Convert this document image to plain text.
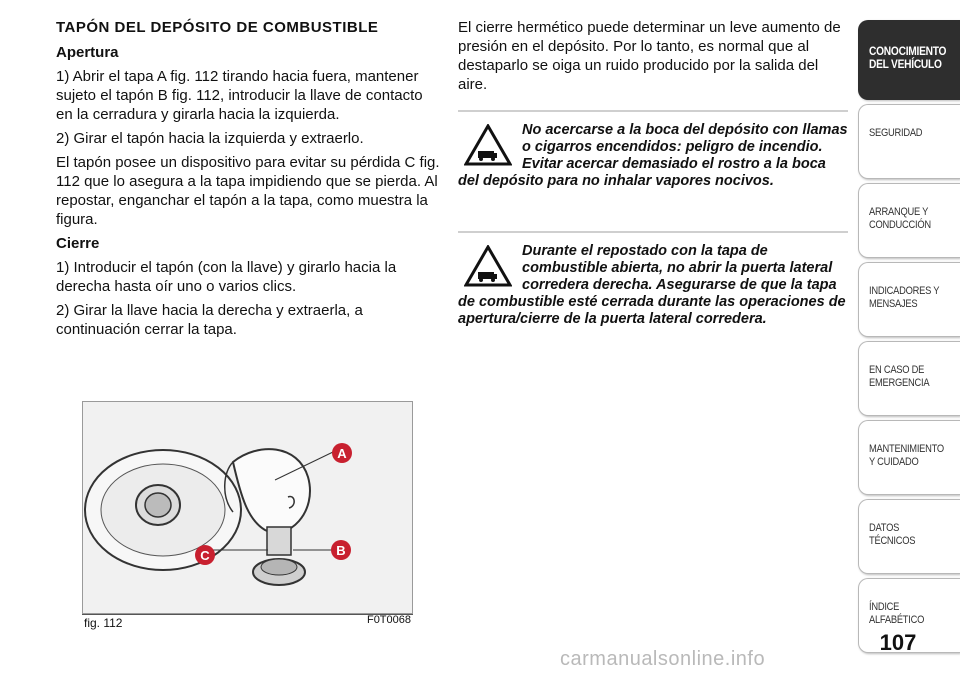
TAPÓN DEL DEPÓSITO DE COMBUSTIBLE

Apertura

1) Abrir el tapa A fig. 112 tirando hacia fuera, mantener sujeto el tapón B fig. 112, introducir la llave de contacto en la cerradura y girarla hacia la izquierda.

2) Girar el tapón hacia la izquierda y extraerlo.

El tapón posee un dispositivo para evitar su pérdida C fig. 112 que lo asegura a la tapa impidiendo que se pierda. Al repostar, enganchar el tapón a la tapa, como muestra la figura.

Cierre

1) Introducir el tapón (con la llave) y girarlo hacia la derecha hasta oír uno o varios clics.

2) Girar la llave hacia la derecha y extraerla, a continuación cerrar la tapa.

El cierre hermético puede determinar un leve aumento de presión en el depósito. Por lo tanto, es normal que al destaparlo se oiga un ruido producido por la salida del aire.

No acercarse a la boca del depósito con llamas o cigarros encendidos: peligro de incendio. Evitar acercar demasiado el rostro a la boca del depósito para no inhalar vapores nocivos.
Durante el repostado con la tapa de combustible abierta, no abrir la puerta lateral corredera derecha. Asegurarse de que la tapa de combustible esté cerrada durante las operaciones de apertura/cierre de la puerta lateral corredera.
A
B
C
fig. 112	F0T0068
CONOCIMIENTO DEL VEHÍCULO
SEGURIDAD
ARRANQUE Y CONDUCCIÓN
INDICADORES Y MENSAJES
EN CASO DE EMERGENCIA
MANTENIMIENTO Y CUIDADO
DATOS TÉCNICOS
ÍNDICE ALFABÉTICO
107
carmanualsonline.info
